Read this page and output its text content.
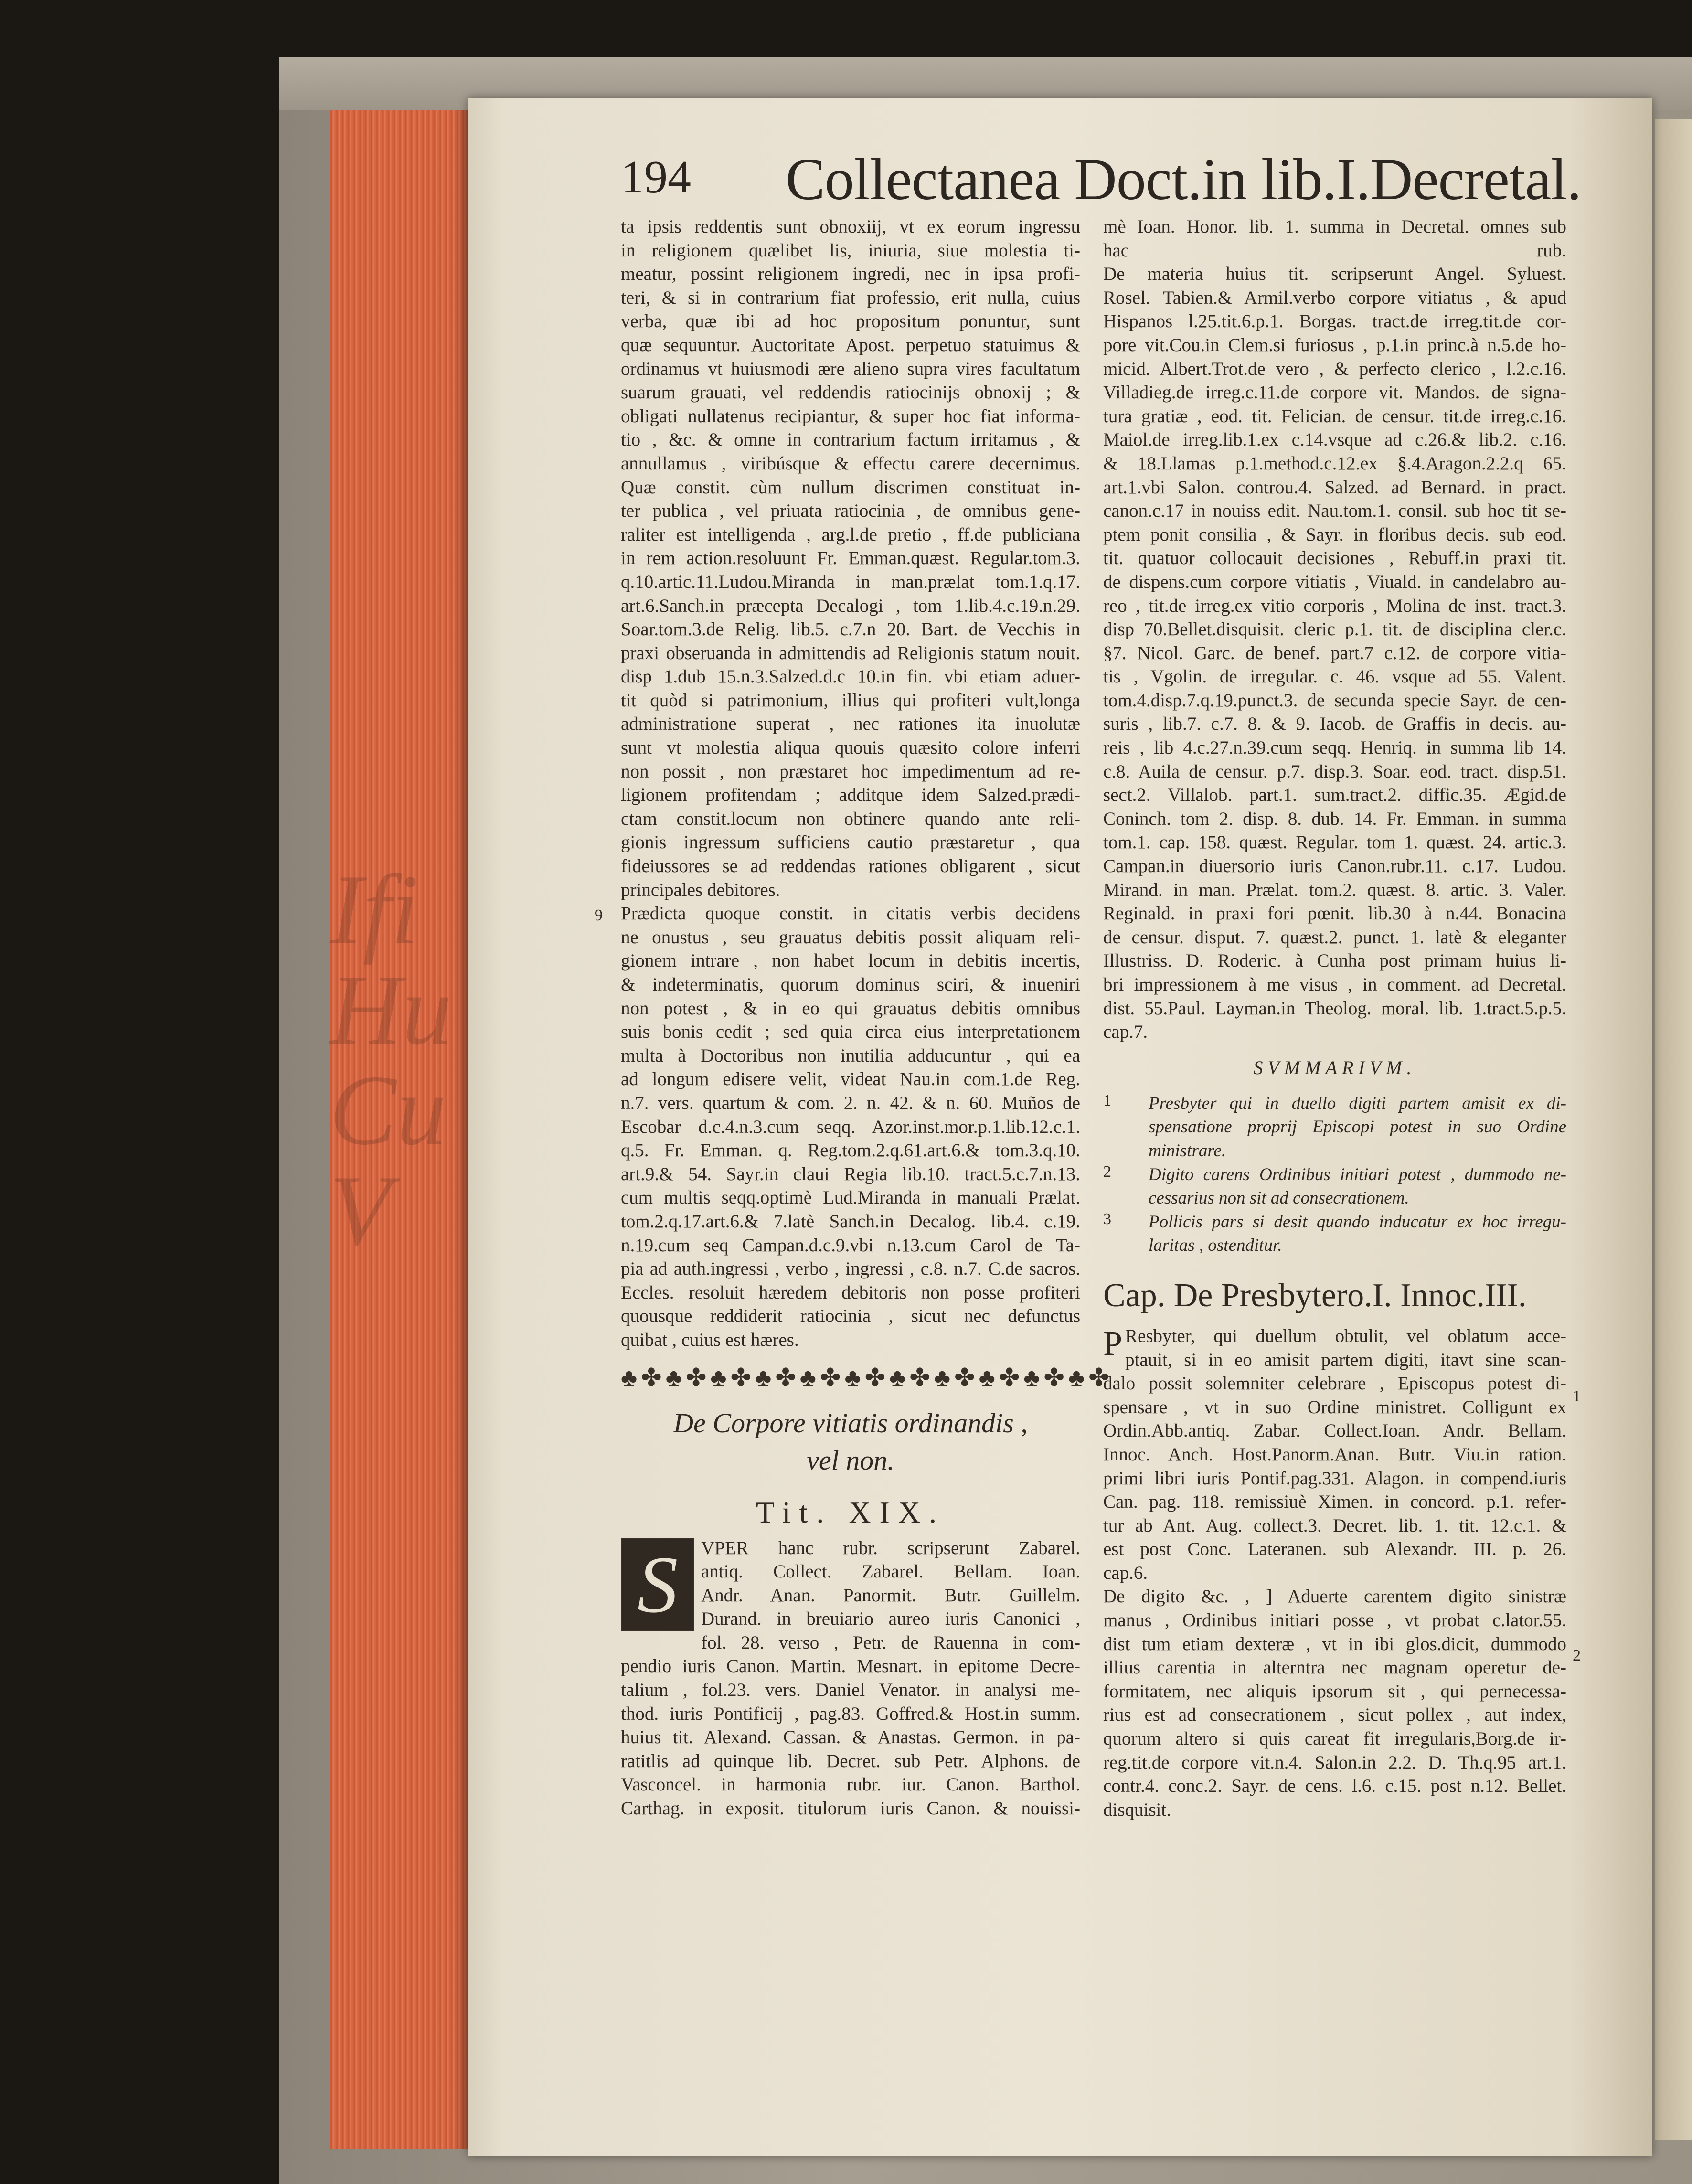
Ifi
Hu
Cu
V
194 Collectanea Doct.in lib.I.Decretal.
ta ipsis reddentis sunt obnoxiij, vt ex eorum ingressu
in religionem quælibet lis, iniuria, siue molestia ti-
meatur, possint religionem ingredi, nec in ipsa profi-
teri, & si in contrarium fiat professio, erit nulla, cuius
verba, quæ ibi ad hoc propositum ponuntur, sunt
quæ sequuntur. Auctoritate Apost. perpetuo statuimus &
ordinamus vt huiusmodi ære alieno supra vires facultatum
suarum grauati, vel reddendis ratiocinijs obnoxij ; &
obligati nullatenus recipiantur, & super hoc fiat informa-
tio , &c. & omne in contrarium factum irritamus , &
annullamus , viribúsque & effectu carere decernimus.
Quæ constit. cùm nullum discrimen constituat in-
ter publica , vel priuata ratiocinia , de omnibus gene-
raliter est intelligenda , arg.l.de pretio , ff.de publiciana
in rem action.resoluunt Fr. Emman.quæst. Regular.tom.3.
q.10.artic.11.Ludou.Miranda in man.prælat tom.1.q.17.
art.6.Sanch.in præcepta Decalogi , tom 1.lib.4.c.19.n.29.
Soar.tom.3.de Relig. lib.5. c.7.n 20. Bart. de Vecchis in
praxi obseruanda in admittendis ad Religionis statum nouit.
disp 1.dub 15.n.3.Salzed.d.c 10.in fin. vbi etiam aduer-
tit quòd si patrimonium, illius qui profiteri vult,longa
administratione superat , nec rationes ita inuolutæ
sunt vt molestia aliqua quouis quæsito colore inferri
non possit , non præstaret hoc impedimentum ad re-
ligionem profitendam ; additque idem Salzed.prædi-
ctam constit.locum non obtinere quando ante reli-
gionis ingressum sufficiens cautio præstaretur , qua
fideiussores se ad reddendas rationes obligarent , sicut
principales debitores.
Prædicta quoque constit. in citatis verbis decidens
ne onustus , seu grauatus debitis possit aliquam reli-
gionem intrare , non habet locum in debitis incertis,
& indeterminatis, quorum dominus sciri, & inueniri
non potest , & in eo qui grauatus debitis omnibus
suis bonis cedit ; sed quia circa eius interpretationem
multa à Doctoribus non inutilia adducuntur , qui ea
ad longum edisere velit, videat Nau.in com.1.de Reg.
n.7. vers. quartum & com. 2. n. 42. & n. 60. Muños de
Escobar d.c.4.n.3.cum seqq. Azor.inst.mor.p.1.lib.12.c.1.
q.5. Fr. Emman. q. Reg.tom.2.q.61.art.6.& tom.3.q.10.
art.9.& 54. Sayr.in claui Regia lib.10. tract.5.c.7.n.13.
cum multis seqq.optimè Lud.Miranda in manuali Prælat.
tom.2.q.17.art.6.& 7.latè Sanch.in Decalog. lib.4. c.19.
n.19.cum seq Campan.d.c.9.vbi n.13.cum Carol de Ta-
pia ad auth.ingressi , verbo , ingressi , c.8. n.7. C.de sacros.
Eccles. resoluit hæredem debitoris non posse profiteri
quousque reddiderit ratiocinia , sicut nec defunctus
quibat , cuius est hæres.
♣✤♣✤♣✤♣✤♣✤♣✤♣✤♣✤♣✤♣✤♣✤
De Corpore vitiatis ordinandis ,
vel non.
Tit. XIX.
S	VPER hanc rubr. scripserunt Zabarel.
antiq. Collect. Zabarel. Bellam. Ioan.
Andr. Anan. Panormit. Butr. Guillelm.
Durand. in breuiario aureo iuris Canonici ,
fol. 28. verso , Petr. de Rauenna in com-
pendio iuris Canon. Martin. Mesnart. in epitome Decre-
talium , fol.23. vers. Daniel Venator. in analysi me-
thod. iuris Pontificij , pag.83. Goffred.& Host.in summ.
huius tit. Alexand. Cassan. & Anastas. Germon. in pa-
ratitlis ad quinque lib. Decret. sub Petr. Alphons. de
Vasconcel. in harmonia rubr. iur. Canon. Barthol.
Carthag. in exposit. titulorum iuris Canon. & nouissi-
9
mè Ioan. Honor. lib. 1. summa in Decretal. omnes sub
hac rub.
De materia huius tit. scripserunt Angel. Syluest.
Rosel. Tabien.& Armil.verbo corpore vitiatus , & apud
Hispanos l.25.tit.6.p.1. Borgas. tract.de irreg.tit.de cor-
pore vit.Cou.in Clem.si furiosus , p.1.in princ.à n.5.de ho-
micid. Albert.Trot.de vero , & perfecto clerico , l.2.c.16.
Villadieg.de irreg.c.11.de corpore vit. Mandos. de signa-
tura gratiæ , eod. tit. Felician. de censur. tit.de irreg.c.16.
Maiol.de irreg.lib.1.ex c.14.vsque ad c.26.& lib.2. c.16.
& 18.Llamas p.1.method.c.12.ex §.4.Aragon.2.2.q 65.
art.1.vbi Salon. controu.4. Salzed. ad Bernard. in pract.
canon.c.17 in nouiss edit. Nau.tom.1. consil. sub hoc tit se-
ptem ponit consilia , & Sayr. in floribus decis. sub eod.
tit. quatuor collocauit decisiones , Rebuff.in praxi tit.
de dispens.cum corpore vitiatis , Viuald. in candelabro au-
reo , tit.de irreg.ex vitio corporis , Molina de inst. tract.3.
disp 70.Bellet.disquisit. cleric p.1. tit. de disciplina cler.c.
§7. Nicol. Garc. de benef. part.7 c.12. de corpore vitia-
tis , Vgolin. de irregular. c. 46. vsque ad 55. Valent.
tom.4.disp.7.q.19.punct.3. de secunda specie Sayr. de cen-
suris , lib.7. c.7. 8. & 9. Iacob. de Graffis in decis. au-
reis , lib 4.c.27.n.39.cum seqq. Henriq. in summa lib 14.
c.8. Auila de censur. p.7. disp.3. Soar. eod. tract. disp.51.
sect.2. Villalob. part.1. sum.tract.2. diffic.35. Ægid.de
Coninch. tom 2. disp. 8. dub. 14. Fr. Emman. in summa
tom.1. cap. 158. quæst. Regular. tom 1. quæst. 24. artic.3.
Campan.in diuersorio iuris Canon.rubr.11. c.17. Ludou.
Mirand. in man. Prælat. tom.2. quæst. 8. artic. 3. Valer.
Reginald. in praxi fori pœnit. lib.30 à n.44. Bonacina
de censur. disput. 7. quæst.2. punct. 1. latè & eleganter
Illustriss. D. Roderic. à Cunha post primam huius li-
bri impressionem à me visus , in comment. ad Decretal.
dist. 55.Paul. Layman.in Theolog. moral. lib. 1.tract.5.p.5.
cap.7.
SVMMARIVM.
1 Presbyter qui in duello digiti partem amisit ex di-
spensatione proprij Episcopi potest in suo Ordine
ministrare.
2 Digito carens Ordinibus initiari potest , dummodo ne-
cessarius non sit ad consecrationem.
3 Pollicis pars si desit quando inducatur ex hoc irregu-
laritas , ostenditur.
Cap. De Presbytero.I. Innoc.III.
P Resbyter, qui duellum obtulit, vel oblatum acce-
ptauit, si in eo amisit partem digiti, itavt sine scan-
dalo possit solemniter celebrare , Episcopus potest di-
spensare , vt in suo Ordine ministret. Colligunt ex
Ordin.Abb.antiq. Zabar. Collect.Ioan. Andr. Bellam.
Innoc. Anch. Host.Panorm.Anan. Butr. Viu.in ration.
primi libri iuris Pontif.pag.331. Alagon. in compend.iuris
Can. pag. 118. remissiuè Ximen. in concord. p.1. refer-
tur ab Ant. Aug. collect.3. Decret. lib. 1. tit. 12.c.1. &
est post Conc. Lateranen. sub Alexandr. III. p. 26.
cap.6.
De digito &c. , ] Aduerte carentem digito sinistræ
manus , Ordinibus initiari posse , vt probat c.lator.55.
dist tum etiam dexteræ , vt in ibi glos.dicit, dummodo
illius carentia in alterntra nec magnam operetur de-
formitatem, nec aliquis ipsorum sit , qui pernecessa-
rius est ad consecrationem , sicut pollex , aut index,
quorum altero si quis careat fit irregularis,Borg.de ir-
reg.tit.de corpore vit.n.4. Salon.in 2.2. D. Th.q.95 art.1.
contr.4. conc.2. Sayr. de cens. l.6. c.15. post n.12. Bellet.
disquisit.
1
2
